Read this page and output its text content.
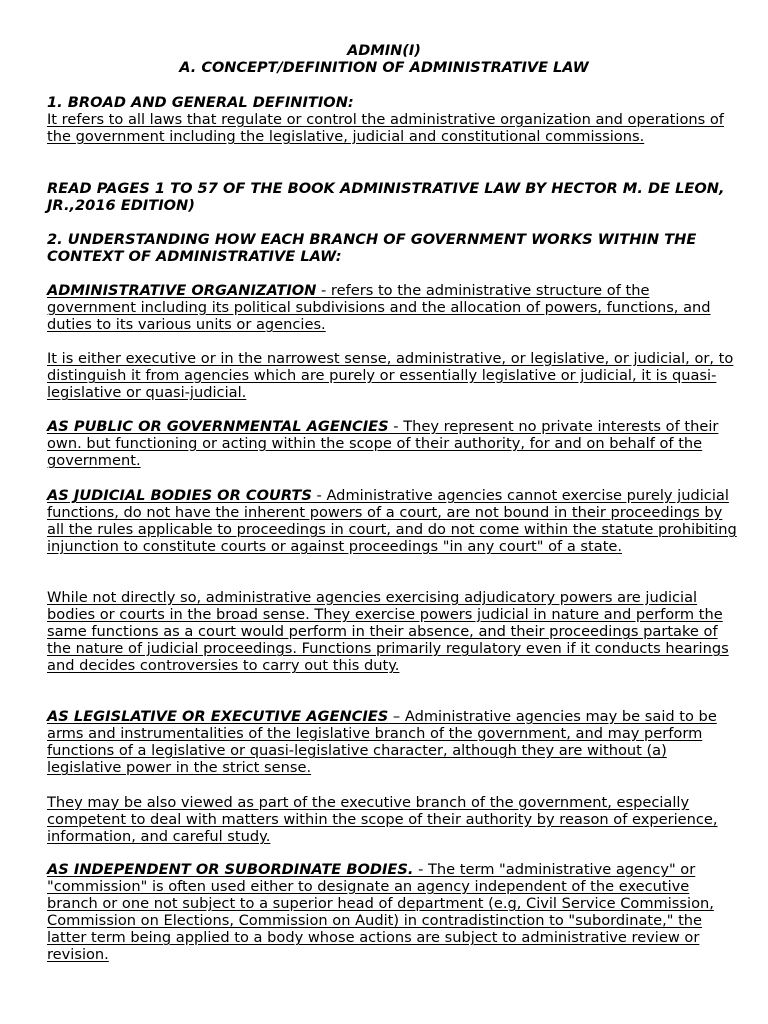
ADMIN(I)
A. CONCEPT/DEFINITION OF ADMINISTRATIVE LAW

1. BROAD AND GENERAL DEFINITION:

It refers to all laws that regulate or control the administrative organization and operations of the government including the legislative, judicial and constitutional commissions.

READ PAGES 1 TO 57 OF THE BOOK ADMINISTRATIVE LAW BY HECTOR M. DE LEON, JR.,2016 EDITION)

2. UNDERSTANDING HOW EACH BRANCH OF GOVERNMENT WORKS WITHIN THE CONTEXT OF ADMINISTRATIVE LAW:

ADMINISTRATIVE ORGANIZATION - refers to the administrative structure of the government including its political subdivisions and the allocation of powers, functions, and duties to its various units or agencies.

It is either executive or in the narrowest sense, administrative, or legislative, or judicial, or, to distinguish it from agencies which are purely or essentially legislative or judicial, it is quasi-legislative or quasi-judicial.

AS PUBLIC OR GOVERNMENTAL AGENCIES - They represent no private interests of their own. but functioning or acting within the scope of their authority, for and on behalf of the government.

AS JUDICIAL BODIES OR COURTS - Administrative agencies cannot exercise purely judicial functions, do not have the inherent powers of a court, are not bound in their proceedings by all the rules applicable to proceedings in court, and do not come within the statute prohibiting injunction to constitute courts or against proceedings "in any court" of a state.

While not directly so, administrative agencies exercising adjudicatory powers are judicial bodies or courts in the broad sense. They exercise powers judicial in nature and perform the same functions as a court would perform in their absence, and their proceedings partake of the nature of judicial proceedings. Functions primarily regulatory even if it conducts hearings and decides controversies to carry out this duty.

AS LEGISLATIVE OR EXECUTIVE AGENCIES – Administrative agencies may be said to be arms and instrumentalities of the legislative branch of the government, and may perform functions of a legislative or quasi-legislative character, although they are without (a) legislative power in the strict sense.

They may be also viewed as part of the executive branch of the government, especially competent to deal with matters within the scope of their authority by reason of experience, information, and careful study.

AS INDEPENDENT OR SUBORDINATE BODIES. - The term "administrative agency" or "commission" is often used either to designate an agency independent of the executive branch or one not subject to a superior head of department (e.g, Civil Service Commission, Commission on Elections, Commission on Audit) in contradistinction to "subordinate," the latter term being applied to a body whose actions are subject to administrative review or revision.
